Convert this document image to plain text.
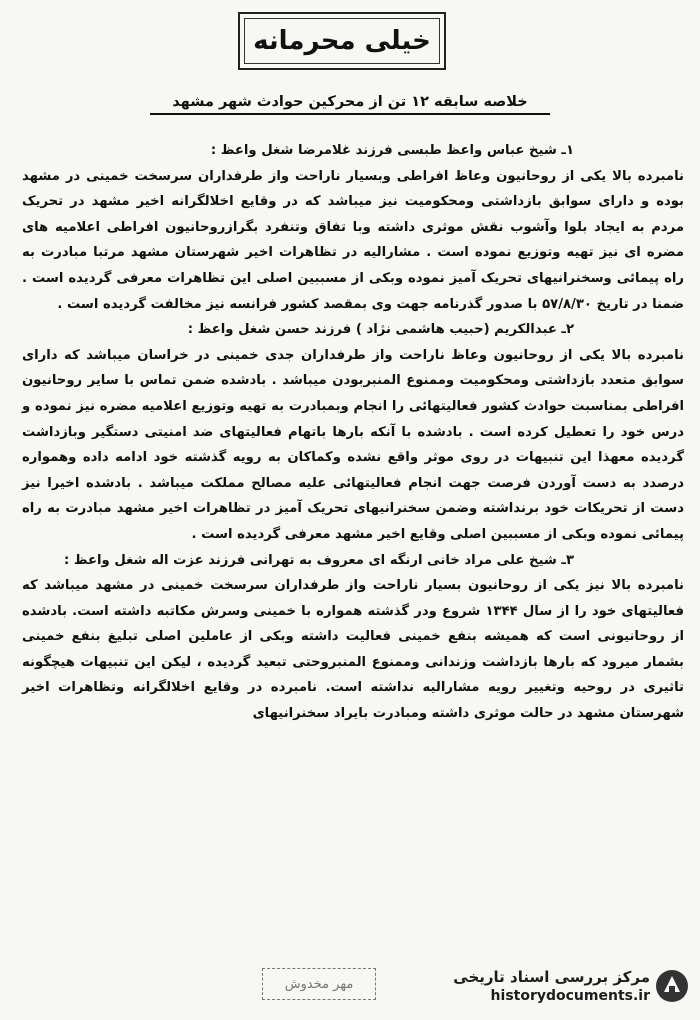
خیلی محرمانه
خلاصه سابقه ۱۲ تن از محرکین حوادث شهر مشهد

۱ـ شیخ عباس واعظ طبسی فرزند غلامرضا شغل واعظ :

نامبرده بالا یکی از روحانیون وعاظ افراطی وبسیار ناراحت واز طرفداران سرسخت خمینی در مشهد بوده و دارای سوابق بازداشتی ومحکومیت نیز میباشد که در وقایع اخلالگرانه اخیر مشهد در تحریک مردم به ایجاد بلوا وآشوب نقش موثری داشته وبا تفاق وتنفرد بگرازروحانیون افراطی اعلامیه های مضره ای نیز تهیه وتوزیع نموده است . مشارالیه در تظاهرات اخیر شهرستان مشهد مرتبا مبادرت به راه پیمائی وسخنرانیهای تحریک آمیز نموده وبکی از مسببین اصلی این تظاهرات معرفی گردیده است . ضمنا در تاریخ ۵۷/۸/۳۰ با صدور گذرنامه جهت وی بمقصد کشور فرانسه نیز مخالفت گردیده است .

۲ـ عبدالکریم (حبیب هاشمی نژاد ) فرزند حسن شغل واعظ :

نامبرده بالا یکی از روحانیون وعاظ ناراحت واز طرفداران جدی خمینی در خراسان میباشد که دارای سوابق متعدد بازداشتی ومحکومیت وممنوع المنبربودن میباشد . بادشده ضمن تماس با سایر روحانیون افراطی بمناسبت حوادث کشور فعالیتهائی را انجام وبمبادرت به تهیه وتوزیع اعلامیه مضره نیز نموده و درس خود را تعطیل کرده است . بادشده با آنکه بارها باتهام فعالیتهای ضد امنیتی دستگیر وبازداشت گردیده معهذا این تنبیهات در روی موثر واقع نشده وکماکان به رویه گذشته خود ادامه داده وهمواره درصدد به دست آوردن فرصت جهت انجام فعالیتهائی علیه مصالح مملکت میباشد . بادشده اخیرا نیز دست از تحریکات خود برنداشته وضمن سخنرانیهای تحریک آمیز در تظاهرات اخیر مشهد مبادرت به راه پیمائی نموده وبکی از مسببین اصلی وقایع اخیر مشهد معرفی گردیده است .

۳ـ شیخ علی مراد خانی ارنگه ای معروف به تهرانی فرزند عزت اله شغل واعظ :

نامبرده بالا نیز یکی از روحانیون بسیار ناراحت واز طرفداران سرسخت خمینی در مشهد میباشد که فعالیتهای خود را از سال ۱۳۴۴ شروع ودر گذشته همواره با خمینی وسرش مکاتبه داشته است. بادشده از روحانیونی است که همیشه بنفع خمینی فعالیت داشته وبکی از عاملین اصلی تبلیغ بنفع خمینی بشمار میرود که بارها بازداشت وزندانی وممنوع المنبروحتی تبعید گردیده ، لیکن این تنبیهات هیچگونه تاثیری در روحیه وتغییر رویه مشارالیه نداشته است. نامبرده در وقایع اخلالگرانه وتظاهرات اخیر شهرستان مشهد در حالت موثری داشته ومبادرت بایراد سخنرانیهای

مهر مخدوش	مرکز بررسی اسناد تاریخی
historydocuments.ir
